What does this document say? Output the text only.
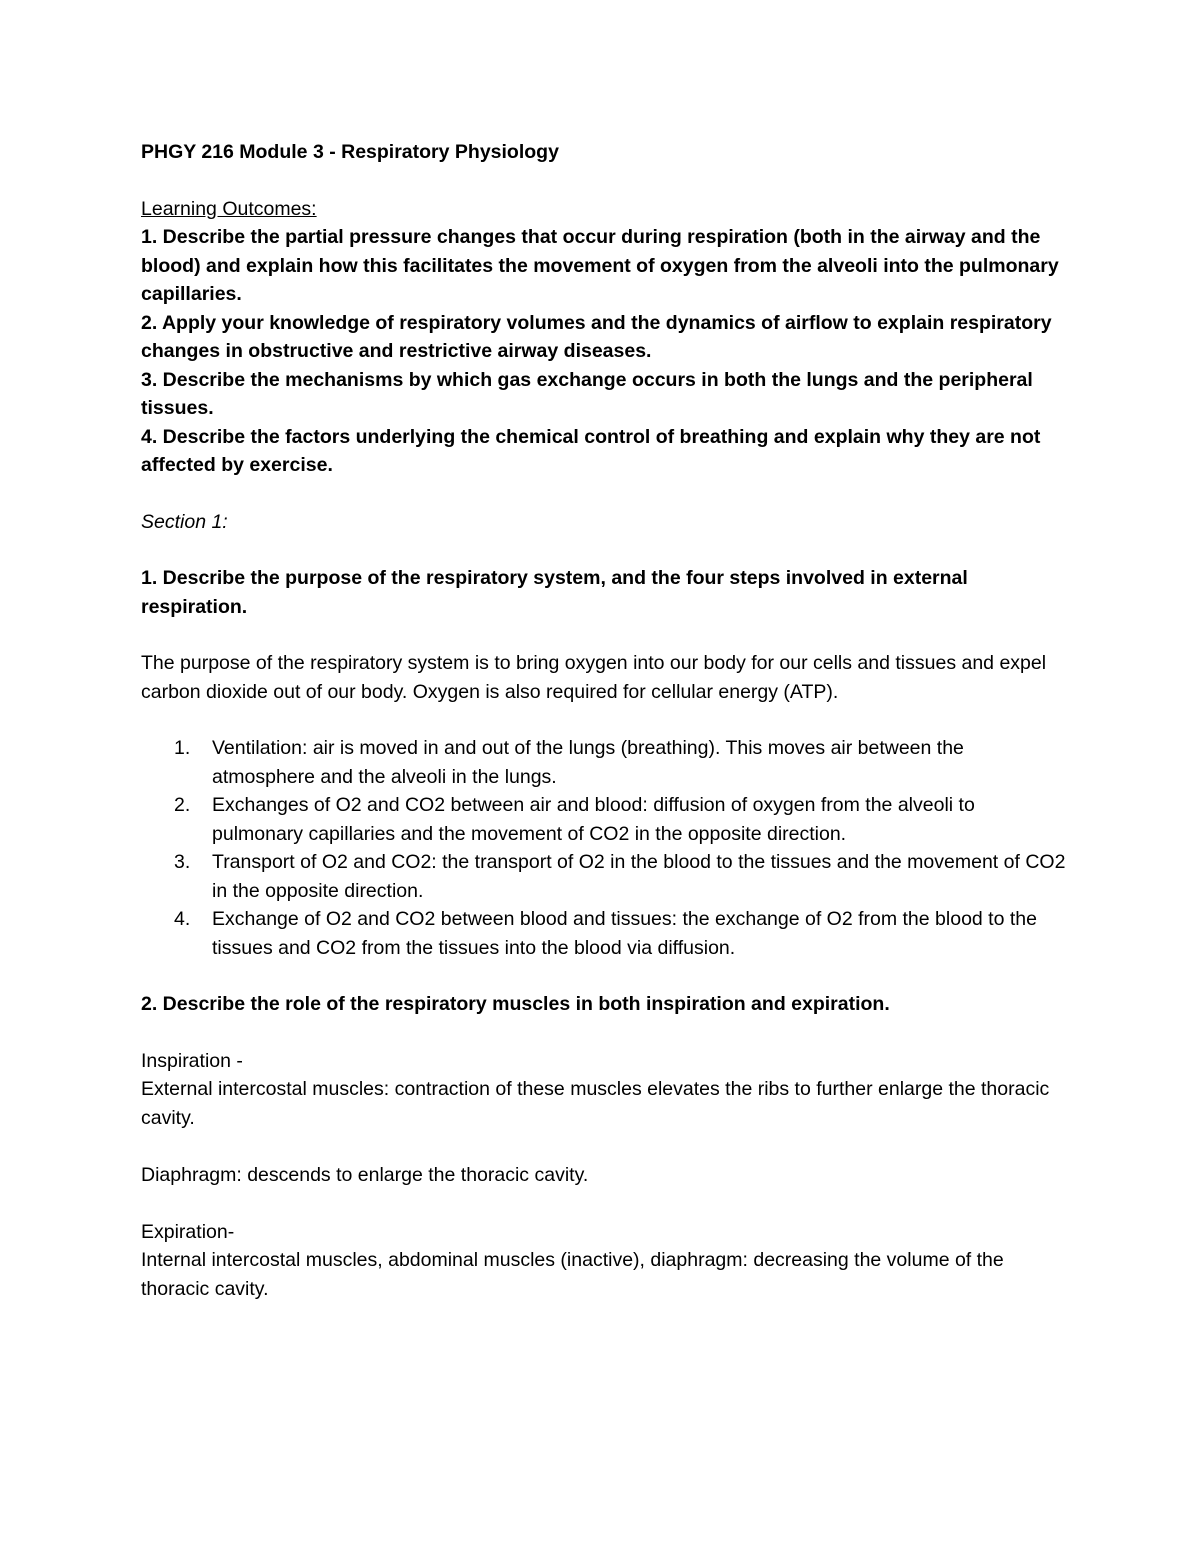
PHGY 216 Module 3 - Respiratory Physiology

Learning Outcomes:

1. Describe the partial pressure changes that occur during respiration (both in the airway and the blood) and explain how this facilitates the movement of oxygen from the alveoli into the pulmonary capillaries.

2. Apply your knowledge of respiratory volumes and the dynamics of airflow to explain respiratory changes in obstructive and restrictive airway diseases.

3. Describe the mechanisms by which gas exchange occurs in both the lungs and the peripheral tissues.

4. Describe the factors underlying the chemical control of breathing and explain why they are not affected by exercise.

Section 1:

1. Describe the purpose of the respiratory system, and the four steps involved in external respiration.

The purpose of the respiratory system is to bring oxygen into our body for our cells and tissues and expel carbon dioxide out of our body. Oxygen is also required for cellular energy (ATP).

1. Ventilation: air is moved in and out of the lungs (breathing). This moves air between the atmosphere and the alveoli in the lungs.
2. Exchanges of O2 and CO2 between air and blood: diffusion of oxygen from the alveoli to pulmonary capillaries and the movement of CO2 in the opposite direction.
3. Transport of O2 and CO2: the transport of O2 in the blood to the tissues and the movement of CO2 in the opposite direction.
4. Exchange of O2 and CO2 between blood and tissues: the exchange of O2 from the blood to the tissues and CO2 from the tissues into the blood via diffusion.

2. Describe the role of the respiratory muscles in both inspiration and expiration.

Inspiration -

External intercostal muscles: contraction of these muscles elevates the ribs to further enlarge the thoracic cavity.

Diaphragm: descends to enlarge the thoracic cavity.

Expiration-

Internal intercostal muscles, abdominal muscles (inactive), diaphragm: decreasing the volume of the thoracic cavity.
